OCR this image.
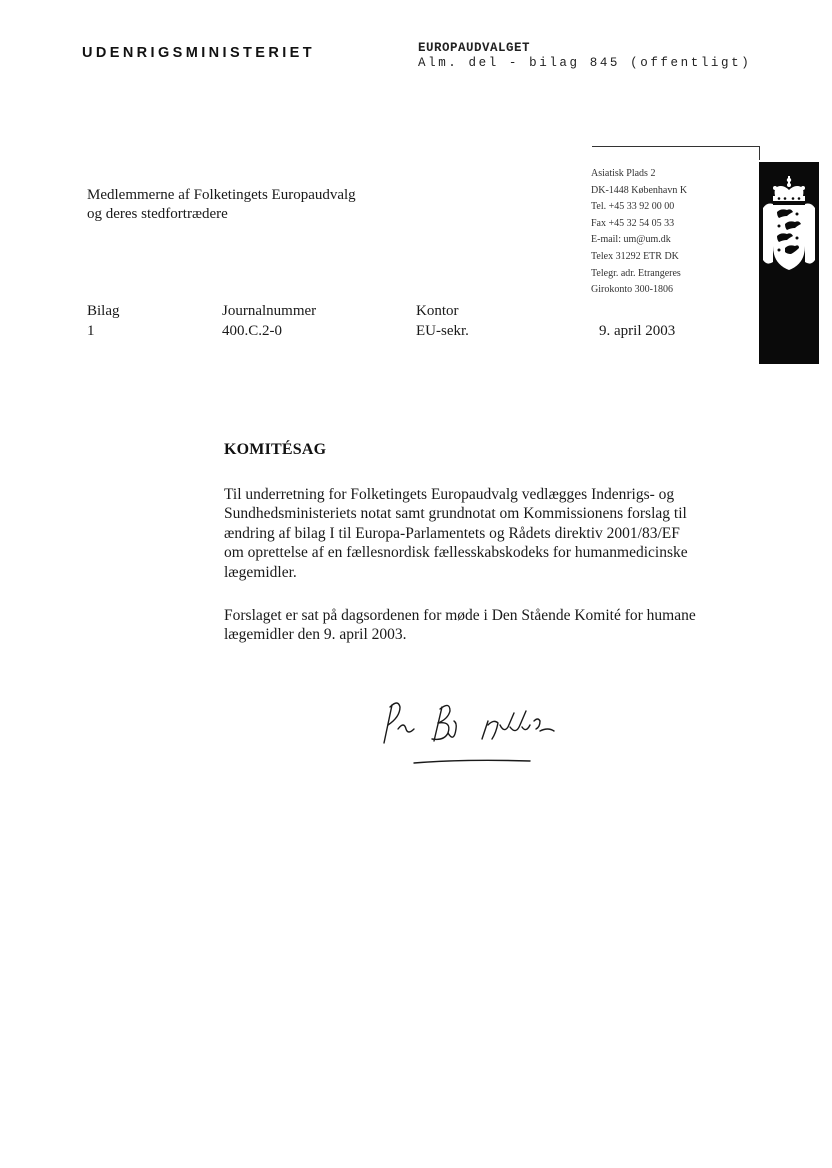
UDENRIGSMINISTERIET	EUROPAUDVALGET
Alm. del - bilag 845 (offentligt)
Asiatisk Plads 2
DK-1448 København K
Tel. +45 33 92 00 00
Fax +45 32 54 05 33
E-mail: um@um.dk
Telex 31292 ETR DK
Telegr. adr. Etrangeres
Girokonto 300-1806
Medlemmerne af Folketingets Europaudvalg
og deres stedfortrædere
Bilag
1
Journalnummer
400.C.2-0
Kontor
EU-sekr.	9. april 2003
KOMITÉSAG
Til underretning for Folketingets Europaudvalg vedlægges Indenrigs- og
Sundhedsministeriets notat samt grundnotat om Kommissionens forslag til
ændring af bilag I til Europa-Parlamentets og Rådets direktiv 2001/83/EF
om oprettelse af en fællesnordisk fællesskabskodeks for humanmedicinske
lægemidler.
Forslaget er sat på dagsordenen for møde i Den Stående Komité for humane
lægemidler den 9. april 2003.
